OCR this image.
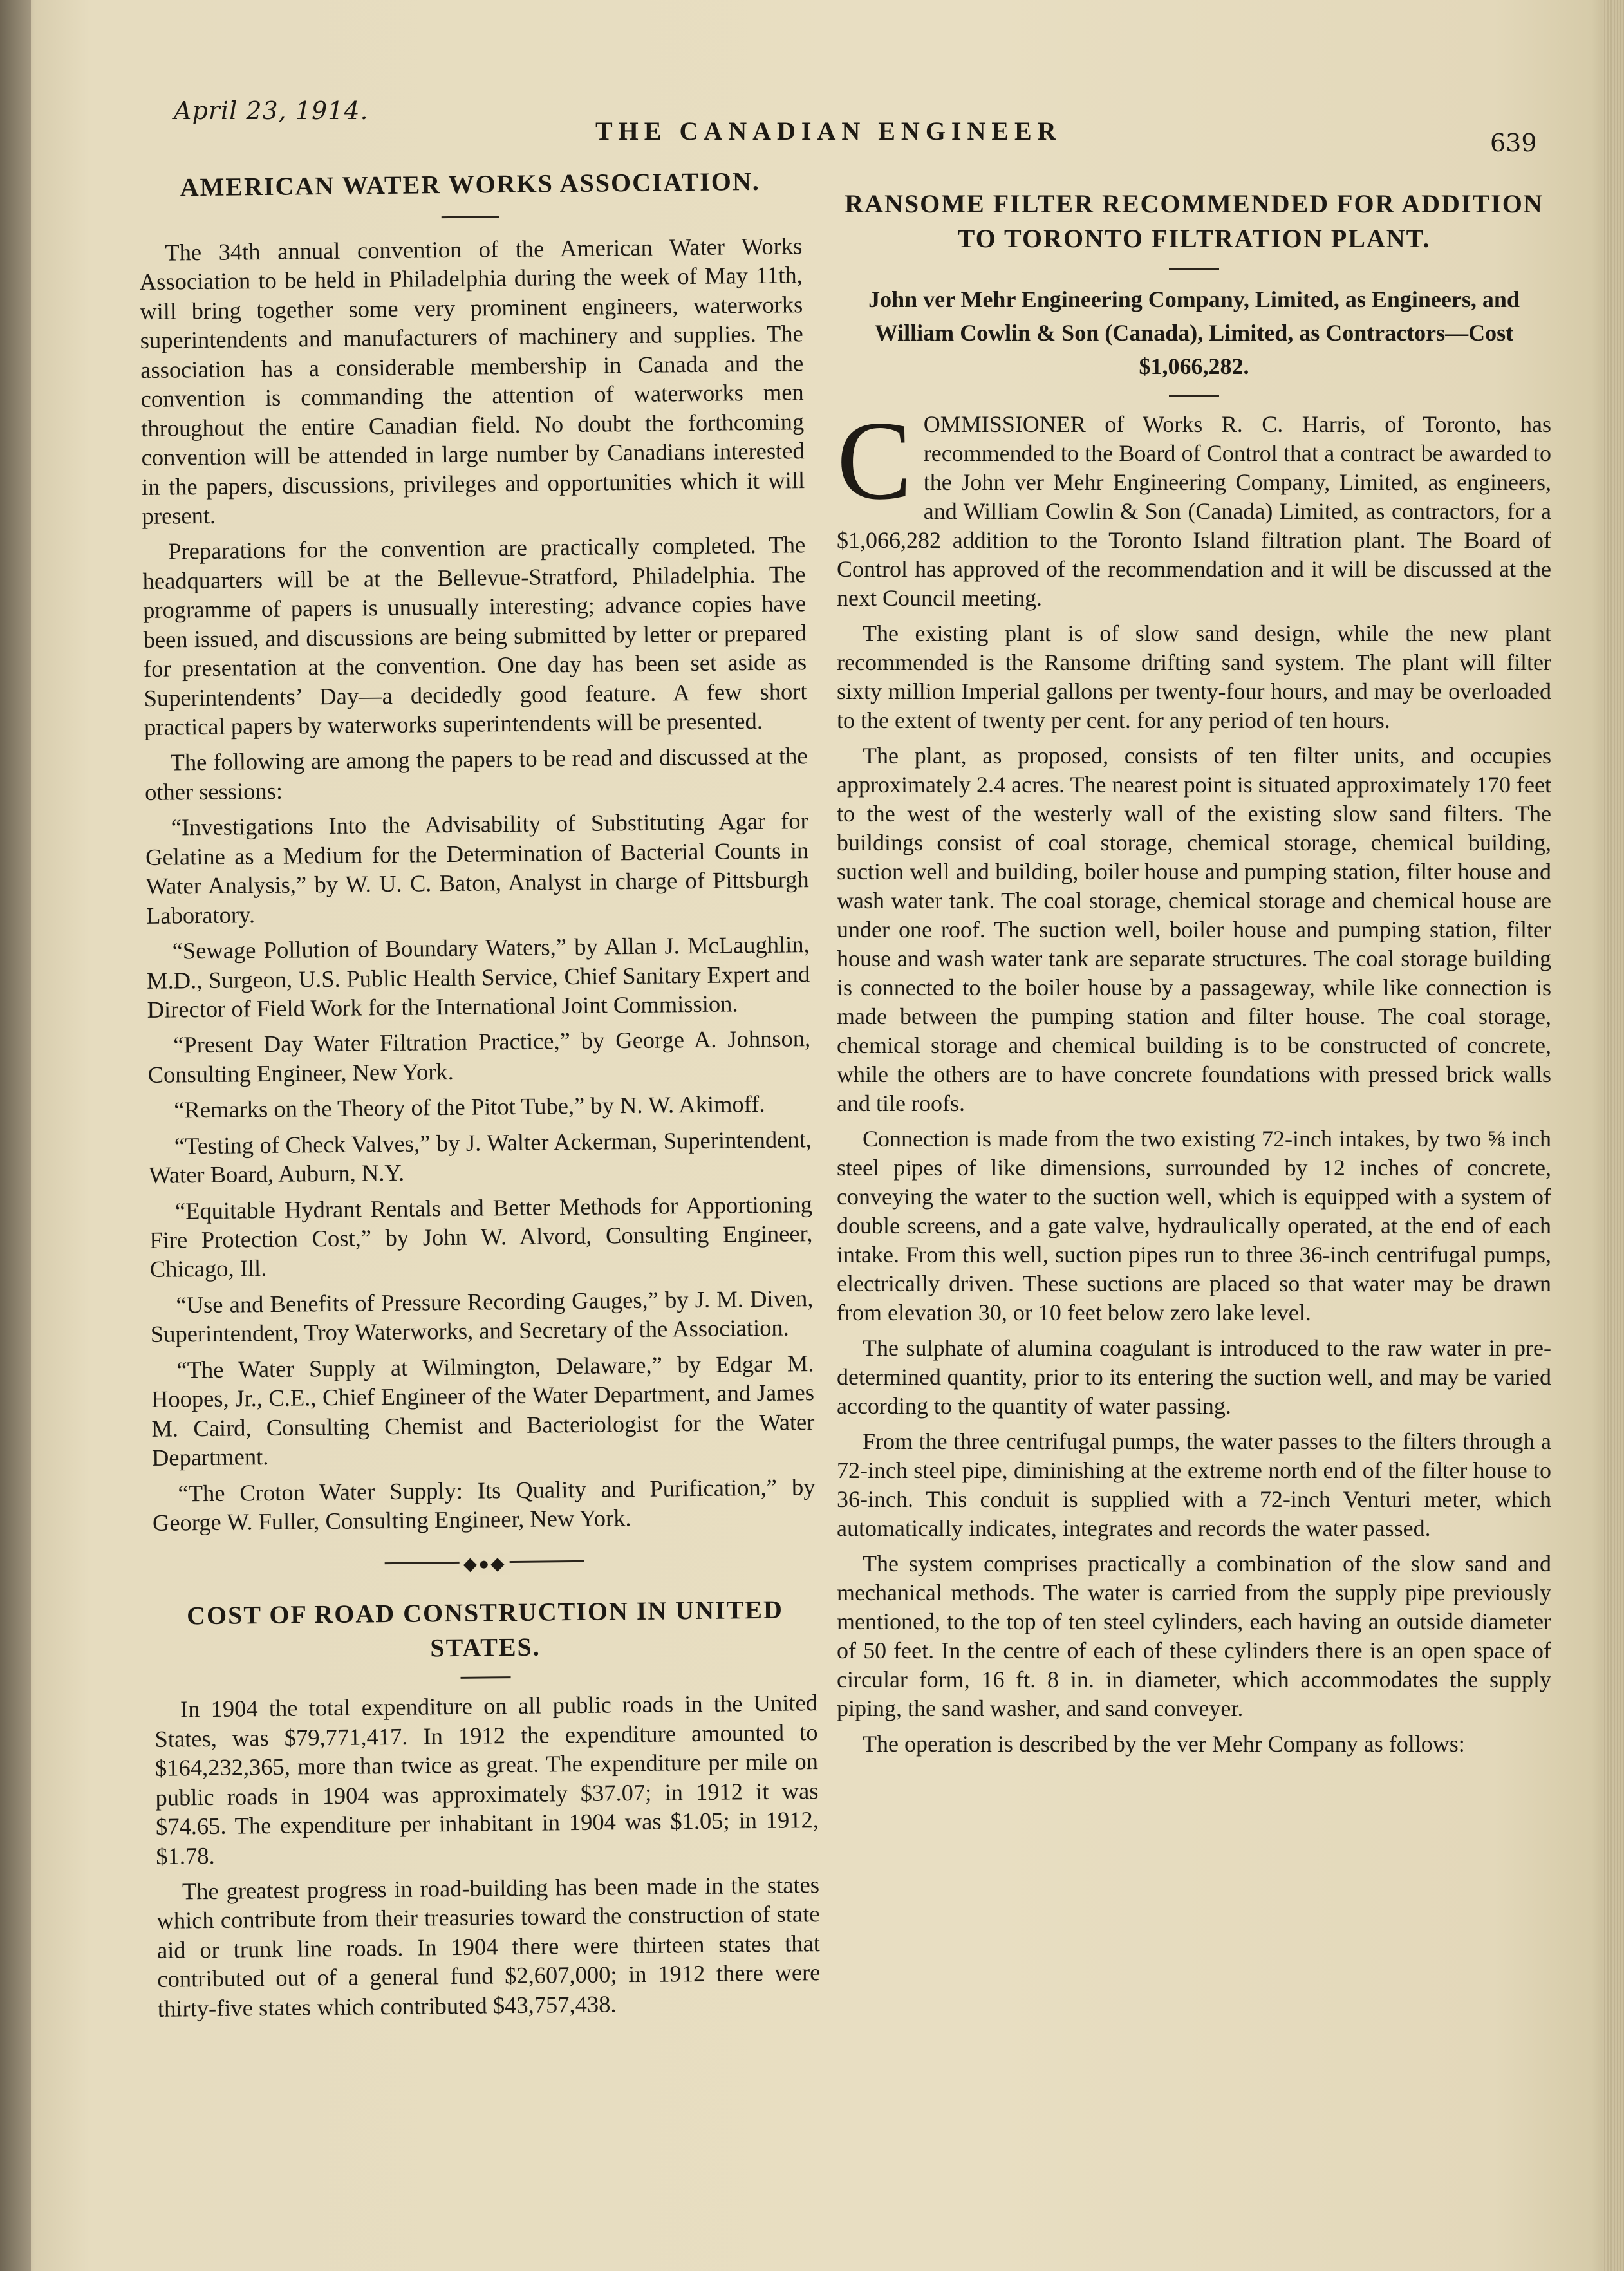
April 23, 1914.
THE CANADIAN ENGINEER	639
AMERICAN WATER WORKS ASSOCIATION.

The 34th annual convention of the American Water Works Association to be held in Philadelphia during the week of May 11th, will bring together some very prominent engineers, waterworks superintendents and manufacturers of machinery and supplies. The association has a considerable membership in Canada and the convention is commanding the attention of waterworks men throughout the entire Canadian field. No doubt the forthcoming convention will be attended in large number by Canadians interested in the papers, discussions, privileges and opportunities which it will present.

Preparations for the convention are practically completed. The headquarters will be at the Bellevue-Stratford, Philadelphia. The programme of papers is unusually interesting; advance copies have been issued, and discussions are being submitted by letter or prepared for presentation at the convention. One day has been set aside as Superintendents’ Day—a decidedly good feature. A few short practical papers by waterworks superintendents will be presented.

The following are among the papers to be read and discussed at the other sessions:

“Investigations Into the Advisability of Substituting Agar for Gelatine as a Medium for the Determination of Bacterial Counts in Water Analysis,” by W. U. C. Baton, Analyst in charge of Pittsburgh Laboratory.

“Sewage Pollution of Boundary Waters,” by Allan J. McLaughlin, M.D., Surgeon, U.S. Public Health Service, Chief Sanitary Expert and Director of Field Work for the International Joint Commission.

“Present Day Water Filtration Practice,” by George A. Johnson, Consulting Engineer, New York.

“Remarks on the Theory of the Pitot Tube,” by N. W. Akimoff.

“Testing of Check Valves,” by J. Walter Ackerman, Superintendent, Water Board, Auburn, N.Y.

“Equitable Hydrant Rentals and Better Methods for Apportioning Fire Protection Cost,” by John W. Alvord, Consulting Engineer, Chicago, Ill.

“Use and Benefits of Pressure Recording Gauges,” by J. M. Diven, Superintendent, Troy Waterworks, and Secretary of the Association.

“The Water Supply at Wilmington, Delaware,” by Edgar M. Hoopes, Jr., C.E., Chief Engineer of the Water Department, and James M. Caird, Consulting Chemist and Bacteriologist for the Water Department.

“The Croton Water Supply: Its Quality and Purification,” by George W. Fuller, Consulting Engineer, New York.

◆●◆
COST OF ROAD CONSTRUCTION IN UNITED STATES.

In 1904 the total expenditure on all public roads in the United States, was $79,771,417. In 1912 the expenditure amounted to $164,232,365, more than twice as great. The expenditure per mile on public roads in 1904 was approximately $37.07; in 1912 it was $74.65. The expenditure per inhabitant in 1904 was $1.05; in 1912, $1.78.

The greatest progress in road-building has been made in the states which contribute from their treasuries toward the construction of state aid or trunk line roads. In 1904 there were thirteen states that contributed out of a general fund $2,607,000; in 1912 there were thirty-five states which contributed $43,757,438.

RANSOME FILTER RECOMMENDED FOR ADDITION TO TORONTO FILTRATION PLANT.
John ver Mehr Engineering Company, Limited, as Engineers, and William Cowlin & Son (Canada), Limited, as Contractors—Cost $1,066,282.

COMMISSIONER of Works R. C. Harris, of Toronto, has recommended to the Board of Control that a contract be awarded to the John ver Mehr Engineering Company, Limited, as engineers, and William Cowlin & Son (Canada) Limited, as contractors, for a $1,066,282 addition to the Toronto Island filtration plant. The Board of Control has approved of the recommendation and it will be discussed at the next Council meeting.

The existing plant is of slow sand design, while the new plant recommended is the Ransome drifting sand system. The plant will filter sixty million Imperial gallons per twenty-four hours, and may be overloaded to the extent of twenty per cent. for any period of ten hours.

The plant, as proposed, consists of ten filter units, and occupies approximately 2.4 acres. The nearest point is situated approximately 170 feet to the west of the westerly wall of the existing slow sand filters. The buildings consist of coal storage, chemical storage, chemical building, suction well and building, boiler house and pumping station, filter house and wash water tank. The coal storage, chemical storage and chemical house are under one roof. The suction well, boiler house and pumping station, filter house and wash water tank are separate structures. The coal storage building is connected to the boiler house by a passageway, while like connection is made between the pumping station and filter house. The coal storage, chemical storage and chemical building is to be constructed of concrete, while the others are to have concrete foundations with pressed brick walls and tile roofs.

Connection is made from the two existing 72-inch intakes, by two ⅝ inch steel pipes of like dimensions, surrounded by 12 inches of concrete, conveying the water to the suction well, which is equipped with a system of double screens, and a gate valve, hydraulically operated, at the end of each intake. From this well, suction pipes run to three 36-inch centrifugal pumps, electrically driven. These suctions are placed so that water may be drawn from elevation 30, or 10 feet below zero lake level.

The sulphate of alumina coagulant is introduced to the raw water in pre-determined quantity, prior to its entering the suction well, and may be varied according to the quantity of water passing.

From the three centrifugal pumps, the water passes to the filters through a 72-inch steel pipe, diminishing at the extreme north end of the filter house to 36-inch. This conduit is supplied with a 72-inch Venturi meter, which automatically indicates, integrates and records the water passed.

The system comprises practically a combination of the slow sand and mechanical methods. The water is carried from the supply pipe previously mentioned, to the top of ten steel cylinders, each having an outside diameter of 50 feet. In the centre of each of these cylinders there is an open space of circular form, 16 ft. 8 in. in diameter, which accommodates the supply piping, the sand washer, and sand conveyer.

The operation is described by the ver Mehr Company as follows:
